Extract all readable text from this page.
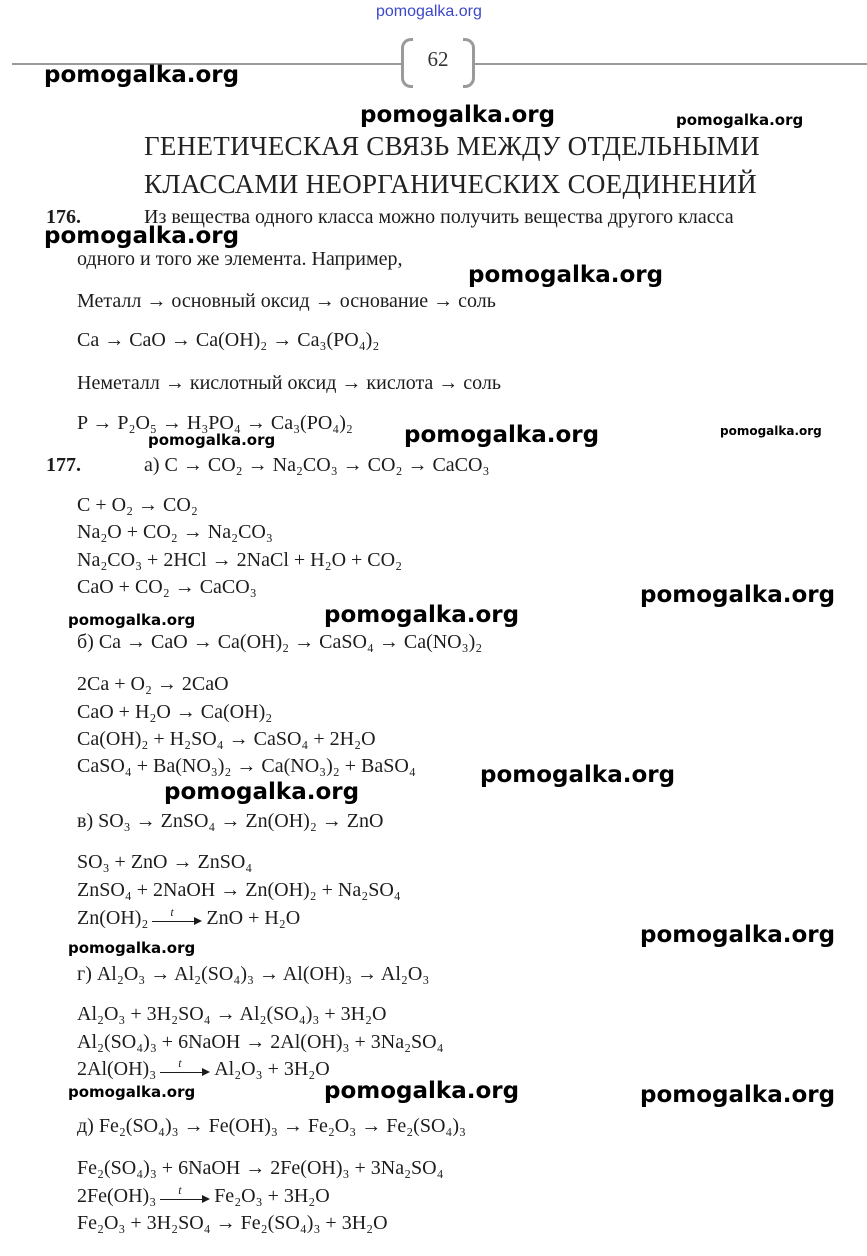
pomogalka.org
62
ГЕНЕТИЧЕСКАЯ СВЯЗЬ МЕЖДУ ОТДЕЛЬНЫМИ
КЛАССАМИ НЕОРГАНИЧЕСКИХ СОЕДИНЕНИЙ
176.	Из вещества одного класса можно получить вещества другого класса
одного и того же элемента. Например,
Металл → основный оксид → основание → соль
Ca → CaO → Ca(OH)₂ → Ca₃(PO₄)₂
Неметалл → кислотный оксид → кислота → соль
P → P₂O₅ → H₃PO₄ → Ca₃(PO₄)₂
177.	а) C → CO₂ → Na₂CO₃ → CO₂ → CaCO₃
C + O₂ → CO₂
Na₂O + CO₂ → Na₂CO₃
Na₂CO₃ + 2HCl → 2NaCl + H₂O + CO₂
CaO + CO₂ → CaCO₃
б) Ca → CaO → Ca(OH)₂ → CaSO₄ → Ca(NO₃)₂
2Ca + O₂ → 2CaO
CaO + H₂O → Ca(OH)₂
Ca(OH)₂ + H₂SO₄ → CaSO₄ + 2H₂O
CaSO₄ + Ba(NO₃)₂ → Ca(NO₃)₂ + BaSO₄
в) SO₃ → ZnSO₄ → Zn(OH)₂ → ZnO
SO₃ + ZnO → ZnSO₄
ZnSO₄ + 2NaOH → Zn(OH)₂ + Na₂SO₄
Zn(OH)₂ t ZnO + H₂O
г) Al₂O₃ → Al₂(SO₄)₃ → Al(OH)₃ → Al₂O₃
Al₂O₃ + 3H₂SO₄ → Al₂(SO₄)₃ + 3H₂O
Al₂(SO₄)₃ + 6NaOH → 2Al(OH)₃ + 3Na₂SO₄
2Al(OH)₃ t Al₂O₃ + 3H₂O
д) Fe₂(SO₄)₃ → Fe(OH)₃ → Fe₂O₃ → Fe₂(SO₄)₃
Fe₂(SO₄)₃ + 6NaOH → 2Fe(OH)₃ + 3Na₂SO₄
2Fe(OH)₃ t Fe₂O₃ + 3H₂O
Fe₂O₃ + 3H₂SO₄ → Fe₂(SO₄)₃ + 3H₂O
pomogalka.org
pomogalka.org	pomogalka.org
pomogalka.org
pomogalka.org
pomogalka.org	pomogalka.org	pomogalka.org
pomogalka.org
pomogalka.org	pomogalka.org
pomogalka.org
pomogalka.org
pomogalka.org
pomogalka.org
pomogalka.org	pomogalka.org	pomogalka.org
